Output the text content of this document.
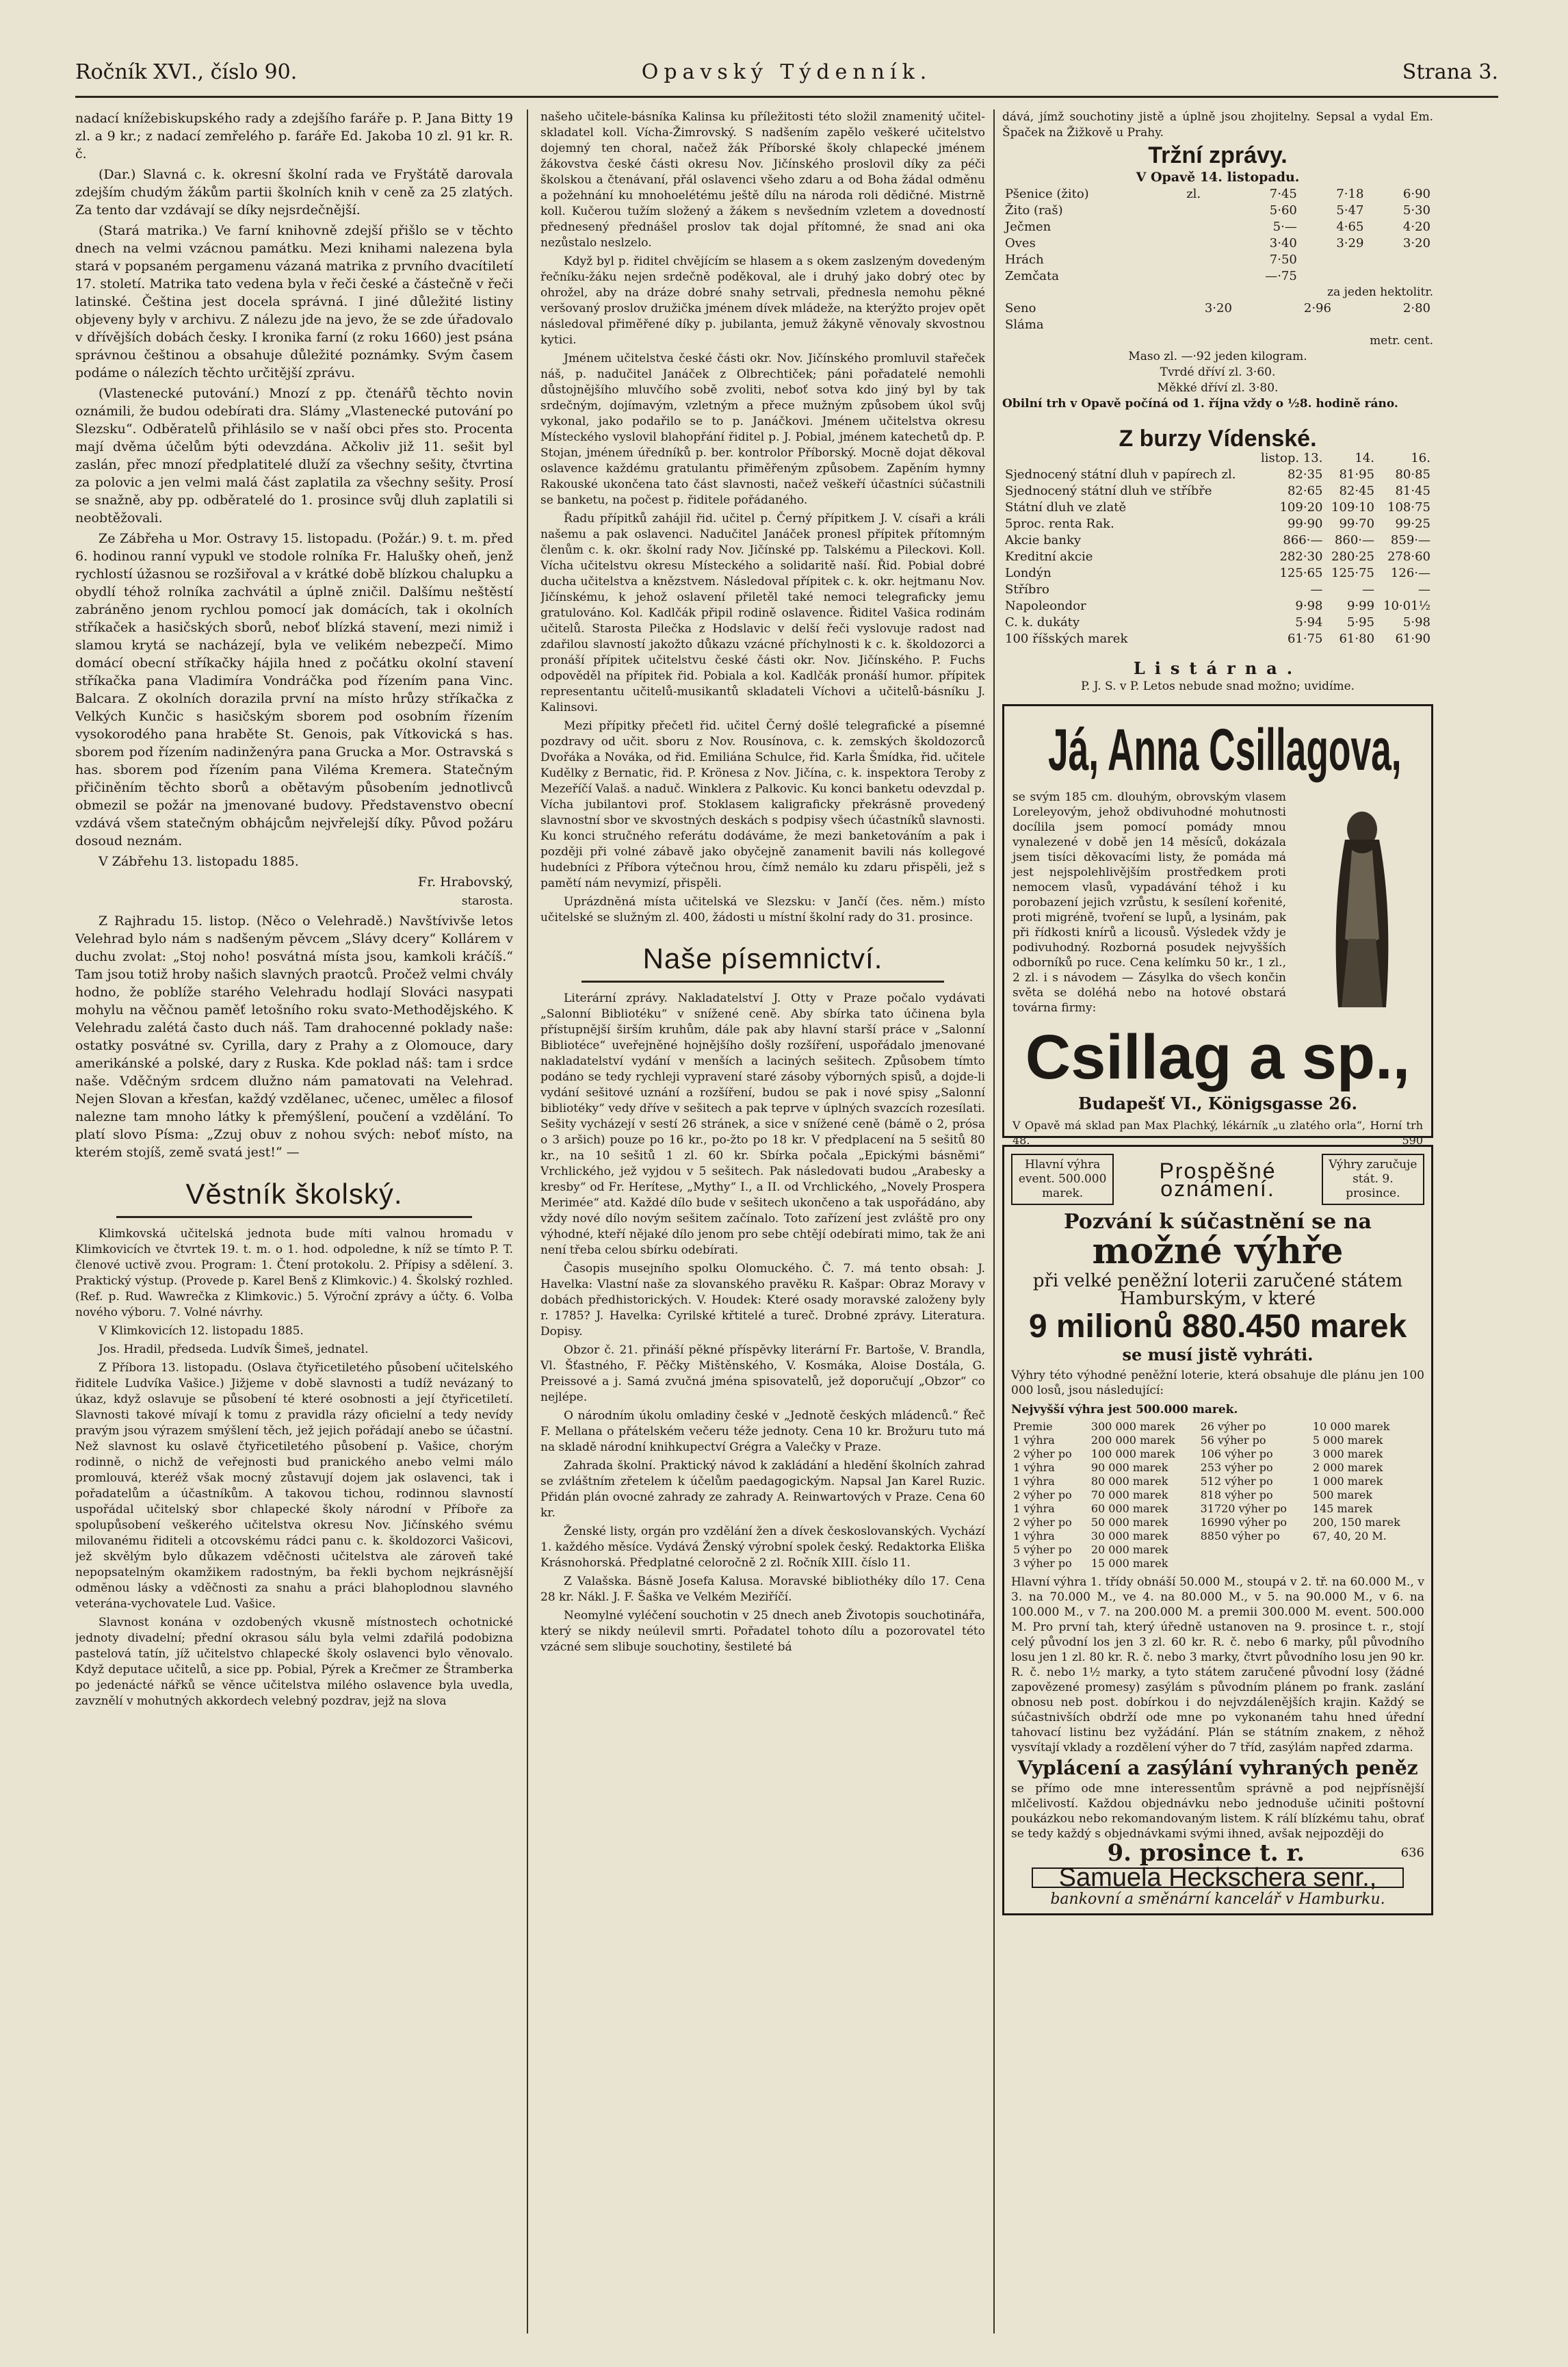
Ročník XVI., číslo 90.	Opavský Týdenník.	Strana 3.

nadací knížebiskupského rady a zdejšího faráře p. P. Jana Bitty 19 zl. a 9 kr.; z nadací zemřelého p. faráře Ed. Jakoba 10 zl. 91 kr. R. č.

(Dar.) Slavná c. k. okresní školní rada ve Fryštátě darovala zdejším chudým žákům partii školních knih v ceně za 25 zlatých. Za tento dar vzdávají se díky nejsrdečnější.

(Stará matrika.) Ve farní knihovně zdejší přišlo se v těchto dnech na velmi vzácnou památku. Mezi knihami nalezena byla stará v popsaném pergamenu vázaná matrika z prvního dvacítiletí 17. století. Matrika tato vedena byla v řeči české a částečně v řeči latinské. Čeština jest docela správná. I jiné důležité listiny objeveny byly v archivu. Z nálezu jde na jevo, že se zde úřadovalo v dřívějších dobách česky. I kronika farní (z roku 1660) jest psána správnou češtinou a obsahuje důležité poznámky. Svým časem podáme o nálezích těchto určitější zprávu.

(Vlastenecké putování.) Mnozí z pp. čtenářů těchto novin oznámili, že budou odebírati dra. Slámy „Vlastenecké putování po Slezsku“. Odběratelů přihlásilo se v naší obci přes sto. Procenta mají dvěma účelům býti odevzdána. Ačkoliv již 11. sešit byl zaslán, přec mnozí předplatitelé dluží za všechny sešity, čtvrtina za polovic a jen velmi malá část zaplatila za všechny sešity. Prosí se snažně, aby pp. odběratelé do 1. prosince svůj dluh zaplatili si neobtěžovali.

Ze Zábřeha u Mor. Ostravy 15. listopadu. (Požár.) 9. t. m. před 6. hodinou ranní vypukl ve stodole rolníka Fr. Halušky oheň, jenž rychlostí úžasnou se rozšiřoval a v krátké době blízkou chalupku a obydlí téhož rolníka zachvátil a úplně zničil. Dalšímu neštěstí zabráněno jenom rychlou pomocí jak domácích, tak i okolních stříkaček a hasičských sborů, neboť blízká stavení, mezi nimiž i slamou krytá se nacházejí, byla ve velikém nebezpečí. Mimo domácí obecní stříkačky hájila hned z počátku okolní stavení stříkačka pana Vladimíra Vondráčka pod řízením pana Vinc. Balcara. Z okolních dorazila první na místo hrůzy stříkačka z Velkých Kunčic s hasičským sborem pod osobním řízením vysokorodého pana hraběte St. Genois, pak Vítkovická s has. sborem pod řízením nadinženýra pana Grucka a Mor. Ostravská s has. sborem pod řízením pana Viléma Kremera. Statečným přičiněním těchto sborů a obětavým působením jednotlivců obmezil se požár na jmenované budovy. Představenstvo obecní vzdává všem statečným obhájcům nejvřelejší díky. Původ požáru dosoud neznám.

V Zábřehu 13. listopadu 1885.

Fr. Hrabovský,

starosta.

Z Rajhradu 15. listop. (Něco o Velehradě.) Navštívivše letos Velehrad bylo nám s nadšeným pěvcem „Slávy dcery“ Kollárem v duchu zvolat: „Stoj noho! posvátná místa jsou, kamkoli kráčíš.“ Tam jsou totiž hroby našich slavných praotců. Pročež velmi chvály hodno, že poblíže starého Velehradu hodlají Slováci nasypati mohylu na věčnou paměť letošního roku svato-Methodějského. K Velehradu zalétá často duch náš. Tam drahocenné poklady naše: ostatky posvátné sv. Cyrilla, dary z Prahy a z Olomouce, dary amerikánské a polské, dary z Ruska. Kde poklad náš: tam i srdce naše. Vděčným srdcem dlužno nám pamatovati na Velehrad. Nejen Slovan a křesťan, každý vzdělanec, učenec, umělec a filosof nalezne tam mnoho látky k přemýšlení, poučení a vzdělání. To platí slovo Písma: „Zzuj obuv z nohou svých: neboť místo, na kterém stojíš, země svatá jest!“ —

Věstník školský.

Klimkovská učitelská jednota bude míti valnou hromadu v Klimkovicích ve čtvrtek 19. t. m. o 1. hod. odpoledne, k níž se tímto P. T. členové uctivě zvou. Program: 1. Čtení protokolu. 2. Přípisy a sdělení. 3. Praktický výstup. (Provede p. Karel Benš z Klimkovic.) 4. Školský rozhled. (Ref. p. Rud. Wawrečka z Klimkovic.) 5. Výroční zprávy a účty. 6. Volba nového výboru. 7. Volné návrhy.

V Klimkovicích 12. listopadu 1885.

Jos. Hradil, předseda. Ludvík Šimeš, jednatel.

Z Příbora 13. listopadu. (Oslava čtyřicetiletého působení učitelského řiditele Ludvíka Vašice.) Jižjeme v době slavnosti a tudíž nevázaný to úkaz, když oslavuje se působení té které osobnosti a její čtyřicetiletí. Slavnosti takové mívají k tomu z pravidla rázy oficielní a tedy nevídy pravým jsou výrazem smýšlení těch, jež jejich pořádají anebo se účastní. Než slavnost ku oslavě čtyřicetiletého působení p. Vašice, chorým rodinně, o nichž de veřejnosti bud pranického anebo velmi málo promlouvá, kteréž však mocný zůstavují dojem jak oslavenci, tak i pořadatelům a účastníkům. A takovou tichou, rodinnou slavností uspořádal učitelský sbor chlapecké školy národní v Příboře za spolupůsobení veškerého učitelstva okresu Nov. Jičínského svému milovanému řiditeli a otcovskému rádci panu c. k. školdozorci Vašicovi, jež skvělým bylo důkazem vděčnosti učitelstva ale zároveň také nepopsatelným okamžikem radostným, ba řekli bychom nejkrásnější odměnou lásky a vděčnosti za snahu a práci blahoplodnou slavného veterána-vychovatele Lud. Vašice.

Slavnost konána v ozdobených vkusně místnostech ochotnické jednoty divadelní; přední okrasou sálu byla velmi zdařilá podobizna pastelová tatín, jíž učitelstvo chlapecké školy oslavenci bylo věnovalo. Když deputace učitelů, a sice pp. Pobial, Pýrek a Krečmer ze Štramberka po jedenácté nářků se věnce učitelstva milého oslavence byla uvedla, zavznělí v mohutných akkordech velebný pozdrav, jejž na slova

našeho učitele-básníka Kalinsa ku příležitosti této složil znamenitý učitel-skladatel koll. Vícha-Žimrovský. S nadšením zapělo veškeré učitelstvo dojemný ten choral, načež žák Příborské školy chlapecké jménem žákovstva české části okresu Nov. Jičínského proslovil díky za péči školskou a čtenávaní, přál oslavenci všeho zdaru a od Boha žádal odměnu a požehnání ku mnohoelétému ještě dílu na národa roli dědičné. Mistrně koll. Kučerou tužím složený a žákem s nevšedním vzletem a dovedností přednesený přednášel proslov tak dojal přítomné, že snad ani oka nezůstalo neslzelo.

Když byl p. řiditel chvějícím se hlasem a s okem zaslzeným dovedeným řečníku-žáku nejen srdečně poděkoval, ale i druhý jako dobrý otec by ohrožel, aby na dráze dobré snahy setrvali, přednesla nemohu pěkné veršovaný proslov družička jménem dívek mládeže, na kterýžto projev opět následoval přiměřené díky p. jubilanta, jemuž žákyně věnovaly skvostnou kytici.

Jménem učitelstva české části okr. Nov. Jičínského promluvil stařeček náš, p. nadučitel Janáček z Olbrechtiček; páni pořadatelé nemohli důstojnějšího mluvčího sobě zvoliti, neboť sotva kdo jiný byl by tak srdečným, dojímavým, vzletným a přece mužným způsobem úkol svůj vykonal, jako podařilo se to p. Janáčkovi. Jménem učitelstva okresu Místeckého vyslovil blahopřání řiditel p. J. Pobial, jménem katechetů dp. P. Stojan, jménem úředníků p. ber. kontrolor Příborský. Mocně dojat děkoval oslavence každému gratulantu přiměřeným způsobem. Zapěním hymny Rakouské ukončena tato část slavnosti, načež veškeří účastníci súčastnili se banketu, na počest p. řiditele pořádaného.

Řadu přípitků zahájil řid. učitel p. Černý přípitkem J. V. císaři a králi našemu a pak oslavenci. Nadučitel Janáček pronesl přípitek přítomným členům c. k. okr. školní rady Nov. Jičínské pp. Talskému a Pileckovi. Koll. Vícha učitelstvu okresu Místeckého a solidaritě naší. Řid. Pobial dobré ducha učitelstva a knězstvem. Následoval přípitek c. k. okr. hejtmanu Nov. Jičínskému, k jehož oslavení přiletěl také nemoci telegraficky jemu gratulováno. Kol. Kadlčák připil rodině oslavence. Řiditel Vašica rodinám učitelů. Starosta Pilečka z Hodslavic v delší řeči vyslovuje radost nad zdařilou slavností jakožto důkazu vzácné příchylnosti k c. k. školdozorci a pronáší přípitek učitelstvu české části okr. Nov. Jičínského. P. Fuchs odpověděl na přípitek řid. Pobiala a kol. Kadlčák pronáší humor. přípitek representantu učitelů-musikantů skladateli Víchovi a učitelů-básníku J. Kalinsovi.

Mezi přípitky přečetl řid. učitel Černý došlé telegrafické a písemné pozdravy od učit. sboru z Nov. Rousínova, c. k. zemských školdozorců Dvořáka a Nováka, od řid. Emiliána Schulce, řid. Karla Šmídka, řid. učitele Kudělky z Bernatic, řid. P. Krönesa z Nov. Jičína, c. k. inspektora Teroby z Mezeříčí Valaš. a naduč. Winklera z Palkovic. Ku konci banketu odevzdal p. Vícha jubilantovi prof. Stoklasem kaligraficky překrásně provedený slavnostní sbor ve skvostných deskách s podpisy všech účastníků slavnosti. Ku konci stručného referátu dodáváme, že mezi banketováním a pak i později při volné zábavě jako obyčejně zanamenit bavili nás kollegové hudebníci z Příbora výtečnou hrou, čímž nemálo ku zdaru přispěli, jež s pamětí nám nevymizí, přispěli.

Uprázdněná místa učitelská ve Slezsku: v Jančí (čes. něm.) místo učitelské se služným zl. 400, žádosti u místní školní rady do 31. prosince.

Naše písemnictví.

Literární zprávy. Nakladatelství J. Otty v Praze počalo vydávati „Salonní Bibliotéku“ v snížené ceně. Aby sbírka tato účinena byla přístupnější širším kruhům, dále pak aby hlavní starší práce v „Salonní Bibliotéce“ uveřejněné hojnějšího došly rozšíření, uspořádalo jmenované nakladatelství vydání v menších a laciných sešitech. Způsobem tímto podáno se tedy rychleji vypravení staré zásoby výborných spisů, a dojde-li vydání sešitové uznání a rozšíření, budou se pak i nové spisy „Salonní bibliotéky“ vedy dříve v sešitech a pak teprve v úplných svazcích rozesílati. Sešity vycházejí v sestí 26 stránek, a sice v snížené ceně (bámě o 2, prósa o 3 aršich) pouze po 16 kr., po-žto po 18 kr. V předplacení na 5 sešitů 80 kr., na 10 sešitů 1 zl. 60 kr. Sbírka počala „Epickými básněmi“ Vrchlického, jež vyjdou v 5 sešitech. Pak následovati budou „Arabesky a kresby“ od Fr. Herítese, „Mythy“ I., a II. od Vrchlického, „Novely Prospera Merimée“ atd. Každé dílo bude v sešitech ukončeno a tak uspořádáno, aby vždy nové dílo novým sešitem začínalo. Toto zařízení jest zvláště pro ony výhodné, kteří nějaké dílo jenom pro sebe chtějí odebírati mimo, tak že ani není třeba celou sbírku odebírati.

Časopis musejního spolku Olomuckého. Č. 7. má tento obsah: J. Havelka: Vlastní naše za slovanského pravěku R. Kašpar: Obraz Moravy v dobách předhistorických. V. Houdek: Které osady moravské založeny byly r. 1785? J. Havelka: Cyrilské křtitelé a tureč. Drobné zprávy. Literatura. Dopisy.

Obzor č. 21. přináší pěkné příspěvky literární Fr. Bartoše, V. Brandla, Vl. Šťastného, F. Pěčky Mištěnského, V. Kosmáka, Aloise Dostála, G. Preissové a j. Samá zvučná jména spisovatelů, jež doporučují „Obzor“ co nejlépe.

O národním úkolu omladiny české v „Jednotě českých mládenců.“ Řeč F. Mellana o přátelském večeru téže jednoty. Cena 10 kr. Brožuru tuto má na skladě národní knihkupectví Grégra a Valečky v Praze.

Zahrada školní. Praktický návod k zakládání a hledění školních zahrad se zvláštním zřetelem k účelům paedagogickým. Napsal Jan Karel Ruzic. Přidán plán ovocné zahrady ze zahrady A. Reinwartových v Praze. Cena 60 kr.

Ženské listy, orgán pro vzdělání žen a dívek českoslovanských. Vychází 1. každého měsíce. Vydává Ženský výrobní spolek český. Redaktorka Eliška Krásnohorská. Předplatné celoročně 2 zl. Ročník XIII. číslo 11.

Z Valašska. Básně Josefa Kalusa. Moravské bibliothéky dílo 17. Cena 28 kr. Nákl. J. F. Šaška ve Velkém Meziříčí.

Neomylné vyléčení souchotin v 25 dnech aneb Životopis souchotinářa, který se nikdy neúlevil smrti. Pořadatel tohoto dílu a pozorovatel této vzácné sem slibuje souchotiny, šestileté bá

dává, jímž souchotiny jistě a úplně jsou zhojitelny. Sepsal a vydal Em. Špaček na Žižkově u Prahy.

Tržní zprávy.
V Opavě 14. listopadu.
Pšenice (žito)	zl.	7·45	7·18	6·90
Žito (raš)		5·60	5·47	5·30
Ječmen		5·—	4·65	4·20
Oves		3·40	3·29	3·20
Hrách		7·50		
Zemčata		—·75		
za jeden hektolitr.
Seno	3·20	2·96	2·80
Sláma			
metr. cent.
Maso zl. —·92 jeden kilogram.
Tvrdé dříví zl. 3·60.
Měkké dříví zl. 3·80.
Obilní trh v Opavě počíná od 1. října vždy o ½8. hodině ráno.
Z burzy Vídenské.
	listop. 13.	14.	16.
Sjednocený státní dluh v papírech zl.	82·35	81·95	80·85
Sjednocený státní dluh ve stříbře	82·65	82·45	81·45
Státní dluh ve zlatě	109·20	109·10	108·75
5proc. renta Rak.	99·90	99·70	99·25
Akcie banky	866·—	860·—	859·—
Kreditní akcie	282·30	280·25	278·60
Londýn	125·65	125·75	126·—
Stříbro	—	—	—
Napoleondor	9·98	9·99	10·01½
C. k. dukáty	5·94	5·95	5·98
100 říšských marek	61·75	61·80	61·90
Listárna.
P. J. S. v P. Letos nebude snad možno; uvidíme.
Já, Anna Csillagova,
se svým 185 cm. dlouhým, obrovským vlasem Loreleyovým, jehož obdivuhodné mohutnosti docílila jsem pomocí pomády mnou vynalezené v době jen 14 měsíců, dokázala jsem tisíci děkovacími listy, že pomáda má jest nejspolehlivějším prostředkem proti nemocem vlasů, vypadávání téhož i ku porobazení jejich vzrůstu, k sesílení kořenité, proti migréně, tvoření se lupů, a lysinám, pak při řídkosti knírů a licousů. Výsledek vždy je podivuhodný. Rozborná posudek nejvyšších odborníků po ruce. Cena kelímku 50 kr., 1 zl., 2 zl. i s návodem — Zásylka do všech končin světa se doléhá nebo na hotové obstará továrna firmy:
Csillag a sp.,
Budapešť VI., Königsgasse 26.
V Opavě má sklad pan Max Plachký, lékárník „u zlatého orla“, Horní trh 48.	590
Hlavní výhra event. 500.000 marek.
Prospěšné oznámení.
Výhry zaručuje stát. 9. prosince.
Pozvání k súčastnění se na
možné výhře
při velké peněžní loterii zaručené státem Hamburským, v které
9 milionů 880.450 marek
se musí jistě vyhráti.
Výhry této výhodné peněžní loterie, která obsahuje dle plánu jen 100 000 losů, jsou následující:
Nejvyšší výhra jest 500.000 marek.
Premie	300 000 marek	26 výher po	10 000 marek
1 výhra	200 000 marek	56 výher po	5 000 marek
2 výher po	100 000 marek	106 výher po	3 000 marek
1 výhra	90 000 marek	253 výher po	2 000 marek
1 výhra	80 000 marek	512 výher po	1 000 marek
2 výher po	70 000 marek	818 výher po	500 marek
1 výhra	60 000 marek	31720 výher po	145 marek
2 výher po	50 000 marek	16990 výher po	200, 150 marek
1 výhra	30 000 marek	8850 výher po	67, 40, 20 M.
5 výher po	20 000 marek		
3 výher po	15 000 marek		
Hlavní výhra 1. třídy obnáší 50.000 M., stoupá v 2. tř. na 60.000 M., v 3. na 70.000 M., ve 4. na 80.000 M., v 5. na 90.000 M., v 6. na 100.000 M., v 7. na 200.000 M. a premii 300.000 M. event. 500.000 M. Pro první tah, který úředně ustanoven na 9. prosince t. r., stojí celý původní los jen 3 zl. 60 kr. R. č. nebo 6 marky, půl původního losu jen 1 zl. 80 kr. R. č. nebo 3 marky, čtvrt původního losu jen 90 kr. R. č. nebo 1½ marky, a tyto státem zaručené původní losy (žádné zapovězené promesy) zasýlám s původním plánem po frank. zaslání obnosu neb post. dobírkou i do nejvzdálenějších krajin. Každý se súčastnivších obdrží ode mne po vykonaném tahu hned úřední tahovací listinu bez vyžádání. Plán se státním znakem, z něhož vysvítají vklady a rozdělení výher do 7 tříd, zasýlám napřed zdarma.
Vyplácení a zasýlání vyhraných peněz
se přímo ode mne interessentům správně a pod nejpřísnější mlčelivostí. Každou objednávku nebo jednoduše učiniti poštovní poukázkou nebo rekomandovaným listem. K rálí blízkému tahu, obrať se tedy každý s objednávkami svými ihned, avšak nejpozději do
9. prosince t. r.	636
Samuela Heckschera senr.,
bankovní a směnární kancelář v Hamburku.
